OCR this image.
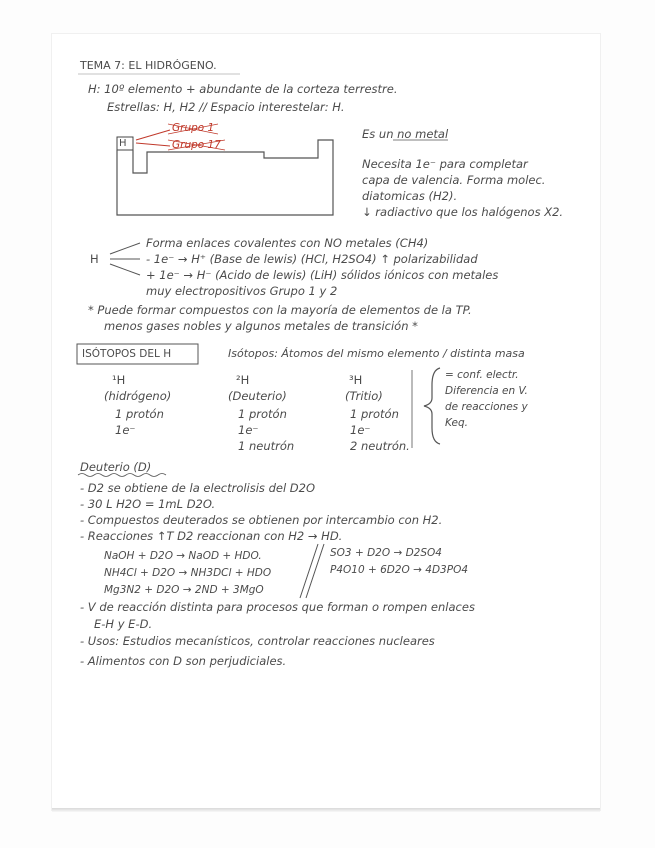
TEMA 7: EL HIDRÓGENO.
H: 10º elemento + abundante de la corteza terrestre.
Estrellas: H, H2 // Espacio interestelar: H.
H
Grupo 1
Grupo 17
Es un no metal
Necesita 1e⁻ para completar
capa de valencia. Forma molec.
diatomicas (H2).
↓ radiactivo que los halógenos X2.
H
Forma enlaces covalentes con NO metales (CH4)
- 1e⁻ → H⁺ (Base de lewis) (HCl, H2SO4) ↑ polarizabilidad
+ 1e⁻ → H⁻ (Acido de lewis) (LiH) sólidos iónicos con metales
muy electropositivos Grupo 1 y 2
* Puede formar compuestos con la mayoría de elementos de la TP.
menos gases nobles y algunos metales de transición *
ISÓTOPOS DEL H	Isótopos: Átomos del mismo elemento / distinta masa
¹H
(hidrógeno)
1 protón
1e⁻
²H
(Deuterio)
1 protón
1e⁻
1 neutrón
³H
(Tritio)
1 protón
1e⁻
2 neutrón.
= conf. electr.
Diferencia en V.
de reacciones y
Keq.
Deuterio (D)
- D2 se obtiene de la electrolisis del D2O
- 30 L H2O = 1mL D2O.
- Compuestos deuterados se obtienen por intercambio con H2.
- Reacciones ↑T D2 reaccionan con H2 → HD.
NaOH + D2O → NaOD + HDO.
NH4Cl + D2O → NH3DCl + HDO
Mg3N2 + D2O → 2ND + 3MgO
SO3 + D2O → D2SO4
P4O10 + 6D2O → 4D3PO4
- V de reacción distinta para procesos que forman o rompen enlaces
E-H y E-D.
- Usos: Estudios mecanísticos, controlar reacciones nucleares
- Alimentos con D son perjudiciales.
